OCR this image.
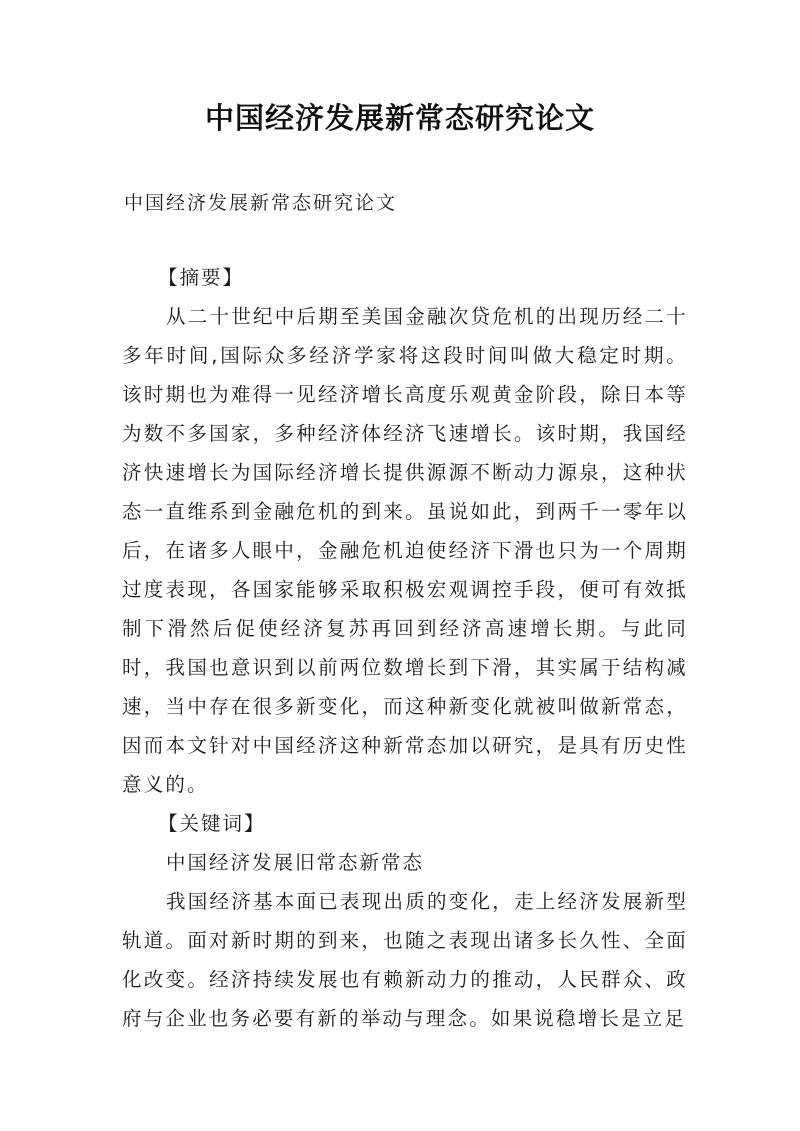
中国经济发展新常态研究论文
中国经济发展新常态研究论文

【摘要】

从二十世纪中后期至美国金融次贷危机的出现历经二十多年时间,国际众多经济学家将这段时间叫做大稳定时期。该时期也为难得一见经济增长高度乐观黄金阶段，除日本等为数不多国家，多种经济体经济飞速增长。该时期，我国经济快速增长为国际经济增长提供源源不断动力源泉，这种状态一直维系到金融危机的到来。虽说如此，到两千一零年以后，在诸多人眼中，金融危机迫使经济下滑也只为一个周期过度表现，各国家能够采取积极宏观调控手段，便可有效抵制下滑然后促使经济复苏再回到经济高速增长期。与此同时，我国也意识到以前两位数增长到下滑，其实属于结构减速，当中存在很多新变化，而这种新变化就被叫做新常态，因而本文针对中国经济这种新常态加以研究，是具有历史性意义的。

【关键词】

中国经济发展旧常态新常态

我国经济基本面已表现出质的变化，走上经济发展新型轨道。面对新时期的到来，也随之表现出诸多长久性、全面化改变。经济持续发展也有赖新动力的推动，人民群众、政府与企业也务必要有新的举动与理念。如果说稳增长是立足
